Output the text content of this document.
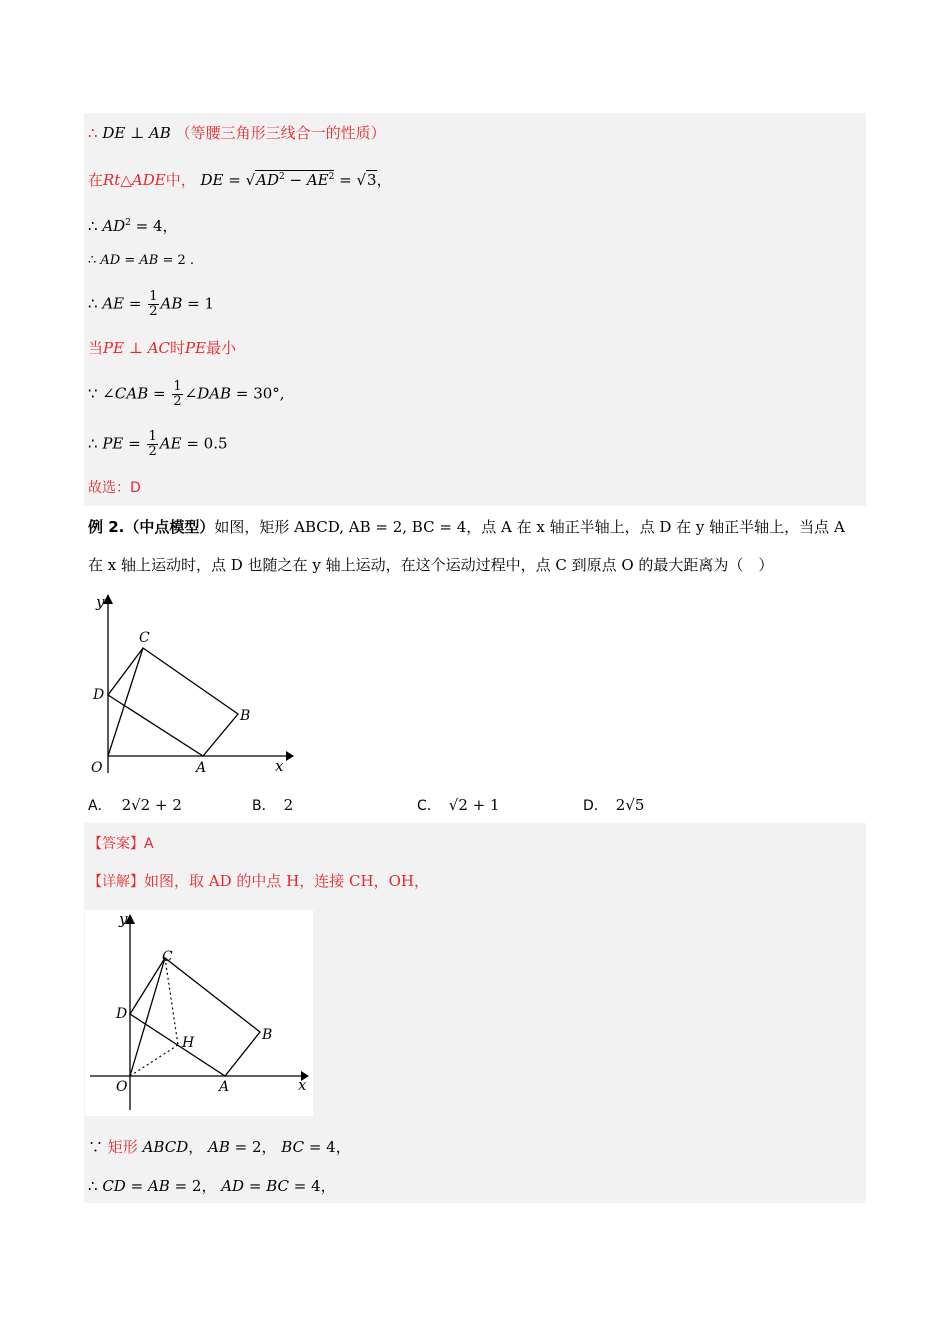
∴ DE ⊥ AB （等腰三角形三线合一的性质）
在Rt△ADE中， DE = $√AD^2 - AE^2 = √3$，
∴ $AD^2 = 4$，
∴ AD = AB = 2 .
∴ AE = $\frac{1}{2}$ AB = 1
当PE ⊥ AC时PE最小
∵ ∠CAB = $\frac{1}{2}$ ∠DAB = 30°,
∴ PE = $\frac{1}{2}$ AE = 0.5
故选：D
例 2.（中点模型）如图，矩形 ABCD, AB = 2, BC = 4，点 A 在 x 轴正半轴上，点 D 在 y 轴正半轴上，当点 A
在 x 轴上运动时，点 D 也随之在 y 轴上运动，在这个运动过程中，点 C 到原点 O 的最大距离为（　）
y
x
O	A
B
C
D
A． 2√2 + 2	B． 2	C． √2 + 1	D． 2√5
【答案】A
【详解】如图，取 AD 的中点 H，连接 CH，OH，
y
x
O	A
B
C
D
H
∵ 矩形 ABCD， AB = 2， BC = 4，
∴ CD = AB = 2， AD = BC = 4，
